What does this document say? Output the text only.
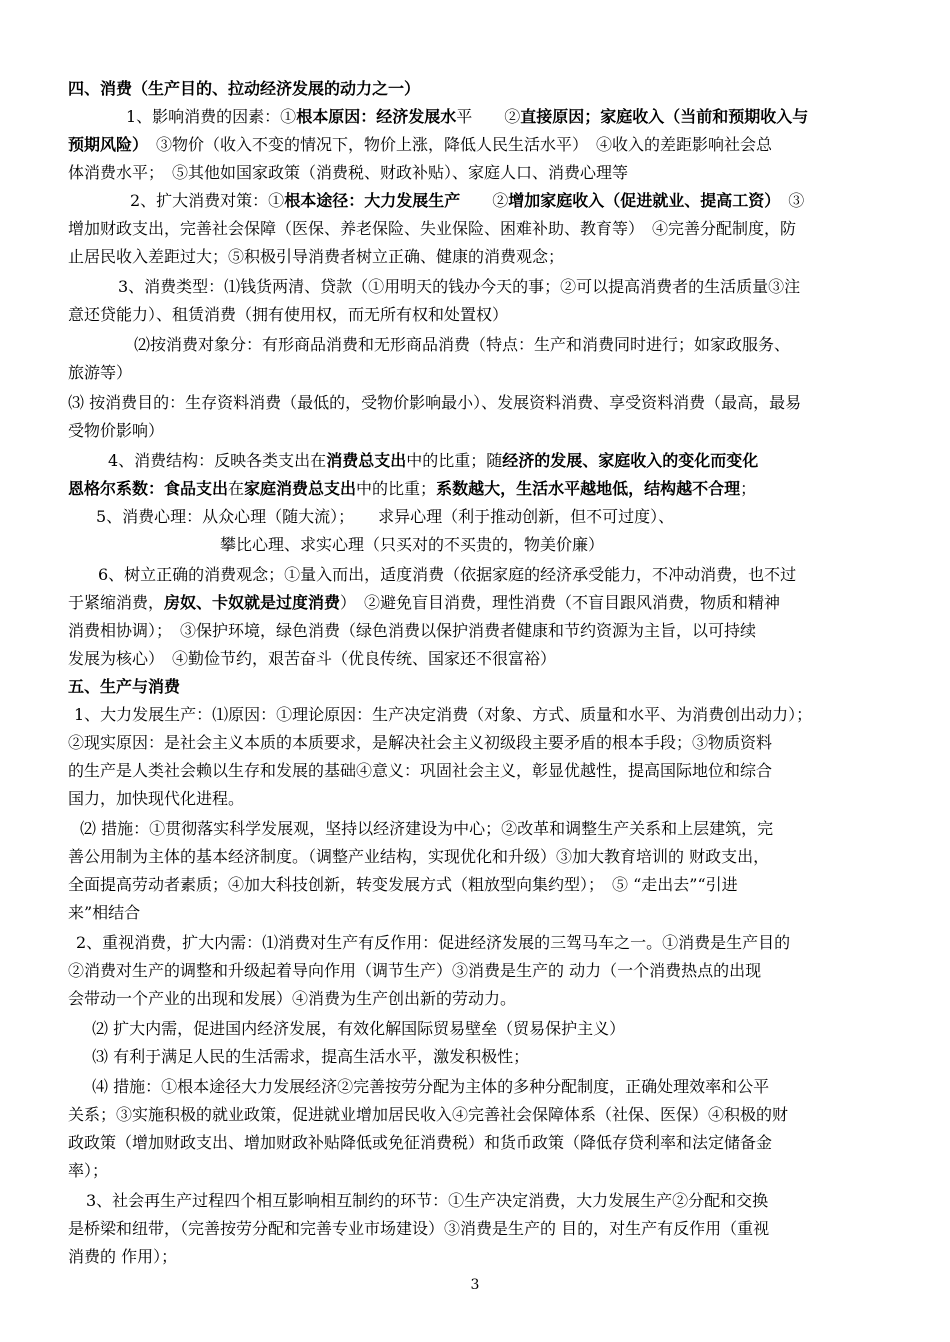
四、消费（生产目的、拉动经济发展的动力之一）
1、影响消费的因素：①根本原因：经济发展水平　　②直接原因；家庭收入（当前和预期收入与
预期风险）　③物价（收入不变的情况下，物价上涨，降低人民生活水平）　④收入的差距影响社会总
体消费水平；　⑤其他如国家政策（消费税、财政补贴）、家庭人口、消费心理等
2、扩大消费对策：①根本途径：大力发展生产　　②增加家庭收入（促进就业、提高工资）　③
增加财政支出，完善社会保障（医保、养老保险、失业保险、困难补助、教育等）　④完善分配制度，防
止居民收入差距过大；⑤积极引导消费者树立正确、健康的消费观念；
3、消费类型：⑴钱货两清、贷款（①用明天的钱办今天的事；②可以提高消费者的生活质量③注
意还贷能力）、租赁消费（拥有使用权，而无所有权和处置权）
⑵按消费对象分：有形商品消费和无形商品消费（特点：生产和消费同时进行；如家政服务、
旅游等）
⑶ 按消费目的：生存资料消费（最低的，受物价影响最小）、发展资料消费、享受资料消费（最高，最易
受物价影响）
4、消费结构：反映各类支出在消费总支出中的比重；随经济的发展、家庭收入的变化而变化
恩格尔系数：食品支出在家庭消费总支出中的比重；系数越大，生活水平越地低，结构越不合理；
5、消费心理：从众心理（随大流）；　　求异心理（利于推动创新，但不可过度）、
攀比心理、求实心理（只买对的不买贵的，物美价廉）
6、树立正确的消费观念；①量入而出，适度消费（依据家庭的经济承受能力，不冲动消费，也不过
于紧缩消费，房奴、卡奴就是过度消费）　②避免盲目消费，理性消费（不盲目跟风消费，物质和精神
消费相协调）；　③保护环境，绿色消费（绿色消费以保护消费者健康和节约资源为主旨，以可持续
发展为核心）　④勤俭节约，艰苦奋斗（优良传统、国家还不很富裕）
五、生产与消费
1、大力发展生产：⑴原因：①理论原因：生产决定消费（对象、方式、质量和水平、为消费创出动力）；
②现实原因：是社会主义本质的本质要求，是解决社会主义初级段主要矛盾的根本手段；③物质资料
的生产是人类社会赖以生存和发展的基础④意义：巩固社会主义，彰显优越性，提高国际地位和综合
国力，加快现代化进程。
⑵ 措施：①贯彻落实科学发展观，坚持以经济建设为中心；②改革和调整生产关系和上层建筑，完
善公用制为主体的基本经济制度。（调整产业结构，实现优化和升级）③加大教育培训的 财政支出，
全面提高劳动者素质；④加大科技创新，转变发展方式（粗放型向集约型）；　⑤ “走出去”“引进
来”相结合
2、重视消费，扩大内需：⑴消费对生产有反作用：促进经济发展的三驾马车之一。①消费是生产目的
②消费对生产的调整和升级起着导向作用（调节生产）③消费是生产的 动力（一个消费热点的出现
会带动一个产业的出现和发展）④消费为生产创出新的劳动力。
⑵ 扩大内需，促进国内经济发展，有效化解国际贸易壁垒（贸易保护主义）
⑶ 有利于满足人民的生活需求，提高生活水平，激发积极性；
⑷ 措施：①根本途径大力发展经济②完善按劳分配为主体的多种分配制度，正确处理效率和公平
关系；③实施积极的就业政策，促进就业增加居民收入④完善社会保障体系（社保、医保）④积极的财
政政策（增加财政支出、增加财政补贴降低或免征消费税）和货币政策（降低存贷利率和法定储备金
率）；
3、社会再生产过程四个相互影响相互制约的环节：①生产决定消费，大力发展生产②分配和交换
是桥梁和纽带，（完善按劳分配和完善专业市场建设）③消费是生产的 目的，对生产有反作用（重视
消费的 作用）；
3
